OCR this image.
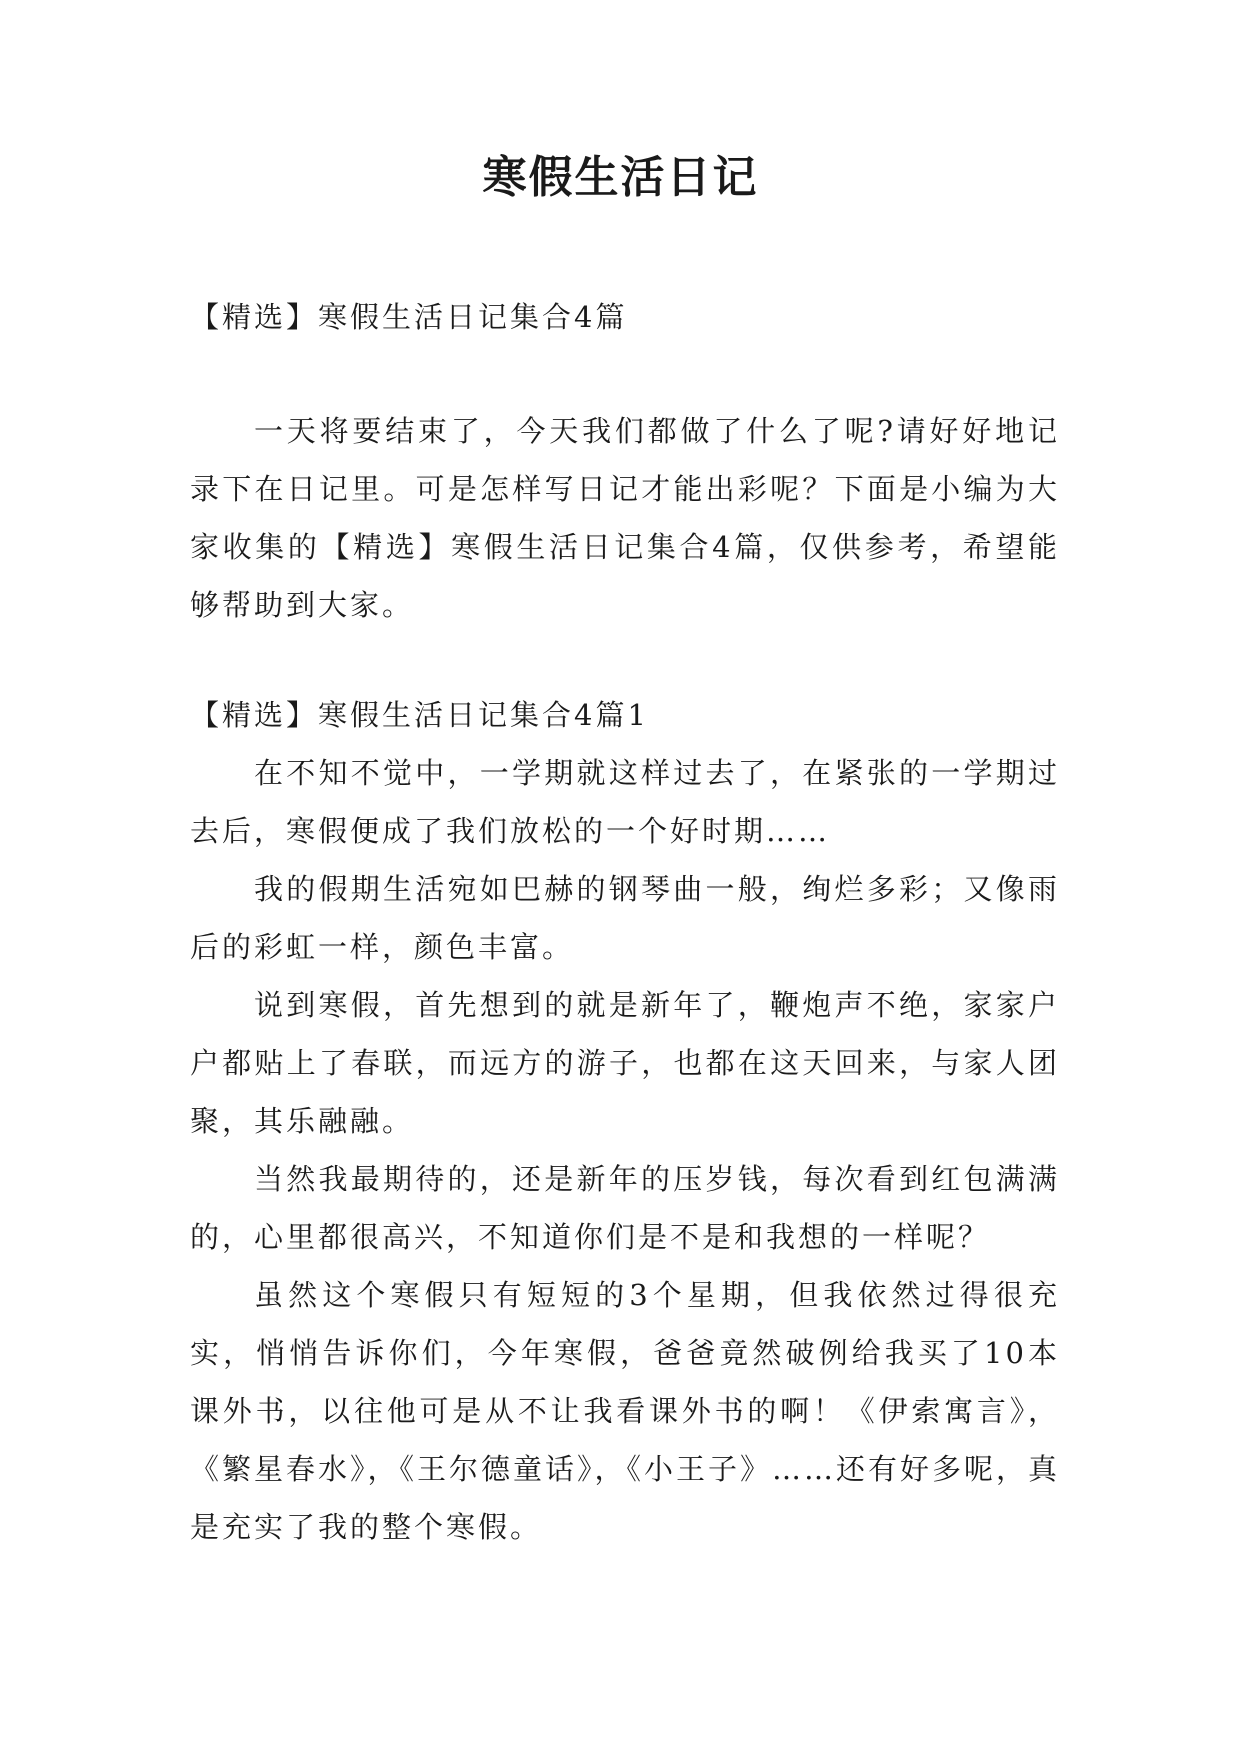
寒假生活日记
【精选】寒假生活日记集合4篇

一天将要结束了，今天我们都做了什么了呢?请好好地记录下在日记里。可是怎样写日记才能出彩呢？下面是小编为大家收集的【精选】寒假生活日记集合4篇，仅供参考，希望能够帮助到大家。

【精选】寒假生活日记集合4篇1

在不知不觉中，一学期就这样过去了，在紧张的一学期过去后，寒假便成了我们放松的一个好时期……

我的假期生活宛如巴赫的钢琴曲一般，绚烂多彩；又像雨后的彩虹一样，颜色丰富。

说到寒假，首先想到的就是新年了，鞭炮声不绝，家家户户都贴上了春联，而远方的游子，也都在这天回来，与家人团聚，其乐融融。

当然我最期待的，还是新年的压岁钱，每次看到红包满满的，心里都很高兴，不知道你们是不是和我想的一样呢？

虽然这个寒假只有短短的3个星期，但我依然过得很充实，悄悄告诉你们，今年寒假，爸爸竟然破例给我买了10本课外书，以往他可是从不让我看课外书的啊！《伊索寓言》，《繁星春水》，《王尔德童话》，《小王子》……还有好多呢，真是充实了我的整个寒假。
